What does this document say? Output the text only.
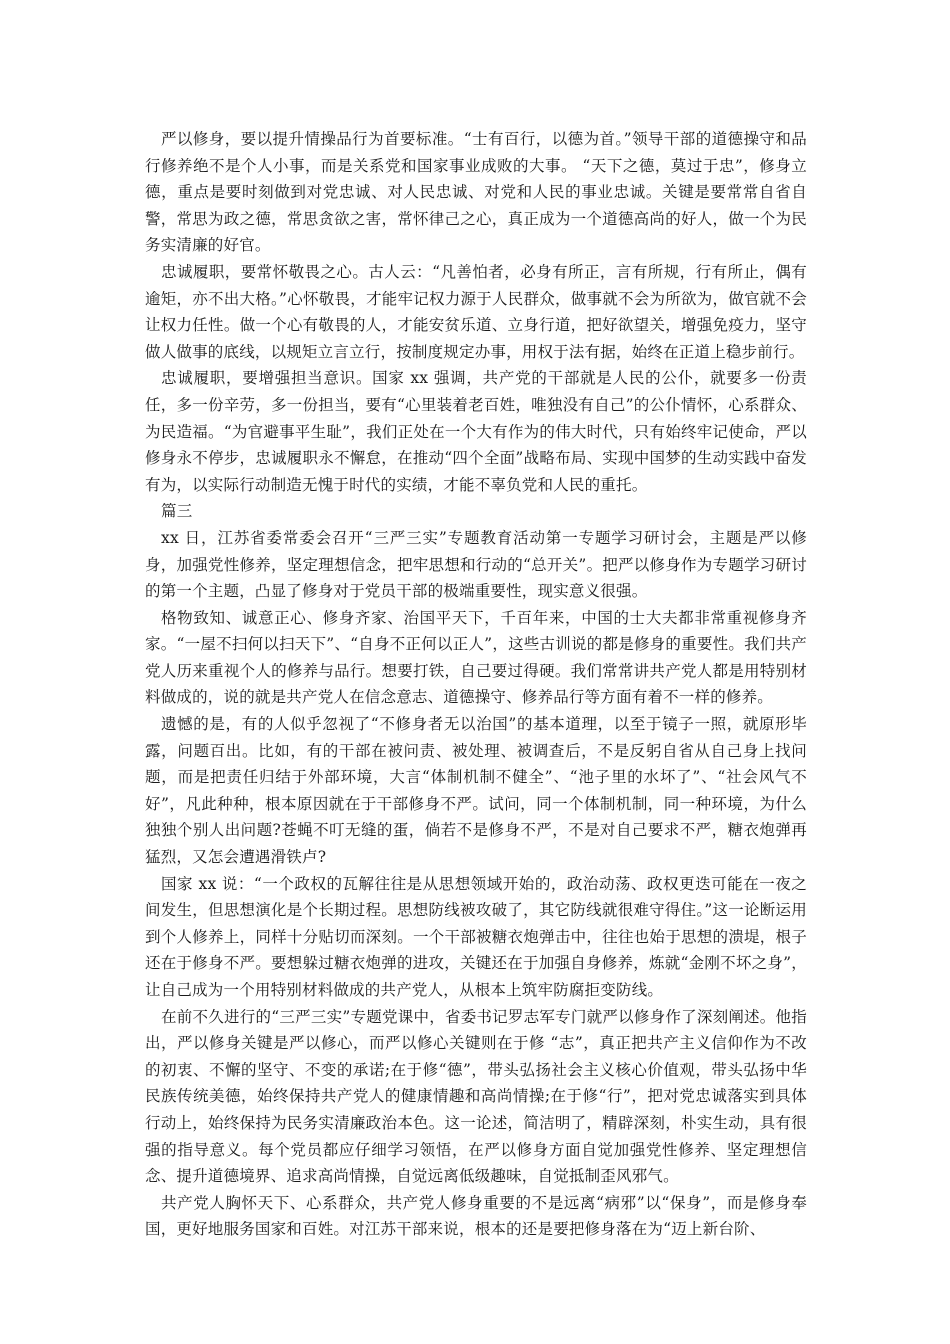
严以修身，要以提升情操品行为首要标准。“士有百行，以德为首。”领导干部的道德操守和品行修养绝不是个人小事，而是关系党和国家事业成败的大事。 “天下之德，莫过于忠”，修身立德，重点是要时刻做到对党忠诚、对人民忠诚、对党和人民的事业忠诚。关键是要常常自省自警，常思为政之德，常思贪欲之害，常怀律己之心，真正成为一个道德高尚的好人，做一个为民务实清廉的好官。

忠诚履职，要常怀敬畏之心。古人云：“凡善怕者，必身有所正，言有所规，行有所止，偶有逾矩，亦不出大格。”心怀敬畏，才能牢记权力源于人民群众，做事就不会为所欲为，做官就不会让权力任性。做一个心有敬畏的人，才能安贫乐道、立身行道，把好欲望关，增强免疫力，坚守做人做事的底线，以规矩立言立行，按制度规定办事，用权于法有据，始终在正道上稳步前行。

忠诚履职，要增强担当意识。国家 xx 强调，共产党的干部就是人民的公仆，就要多一份责任，多一份辛劳，多一份担当，要有“心里装着老百姓，唯独没有自己”的公仆情怀，心系群众、为民造福。“为官避事平生耻”，我们正处在一个大有作为的伟大时代，只有始终牢记使命，严以修身永不停步，忠诚履职永不懈怠，在推动“四个全面”战略布局、实现中国梦的生动实践中奋发有为，以实际行动制造无愧于时代的实绩，才能不辜负党和人民的重托。

篇三

xx 日，江苏省委常委会召开“三严三实”专题教育活动第一专题学习研讨会，主题是严以修身，加强党性修养，坚定理想信念，把牢思想和行动的“总开关”。把严以修身作为专题学习研讨的第一个主题，凸显了修身对于党员干部的极端重要性，现实意义很强。

格物致知、诚意正心、修身齐家、治国平天下，千百年来，中国的士大夫都非常重视修身齐家。“一屋不扫何以扫天下”、“自身不正何以正人”，这些古训说的都是修身的重要性。我们共产党人历来重视个人的修养与品行。想要打铁，自己要过得硬。我们常常讲共产党人都是用特别材料做成的，说的就是共产党人在信念意志、道德操守、修养品行等方面有着不一样的修养。

遗憾的是，有的人似乎忽视了“不修身者无以治国”的基本道理，以至于镜子一照，就原形毕露，问题百出。比如，有的干部在被问责、被处理、被调查后，不是反躬自省从自己身上找问题，而是把责任归结于外部环境，大言“体制机制不健全”、“池子里的水坏了”、“社会风气不好”，凡此种种，根本原因就在于干部修身不严。试问，同一个体制机制，同一种环境，为什么独独个别人出问题?苍蝇不叮无缝的蛋，倘若不是修身不严，不是对自己要求不严，糖衣炮弹再猛烈，又怎会遭遇滑铁卢?

国家 xx 说：“一个政权的瓦解往往是从思想领域开始的，政治动荡、政权更迭可能在一夜之间发生，但思想演化是个长期过程。思想防线被攻破了，其它防线就很难守得住。”这一论断运用到个人修养上，同样十分贴切而深刻。一个干部被糖衣炮弹击中，往往也始于思想的溃堤，根子还在于修身不严。要想躲过糖衣炮弹的进攻，关键还在于加强自身修养，炼就“金刚不坏之身”，让自己成为一个用特别材料做成的共产党人，从根本上筑牢防腐拒变防线。

在前不久进行的“三严三实”专题党课中，省委书记罗志军专门就严以修身作了深刻阐述。他指出，严以修身关键是严以修心，而严以修心关键则在于修 “志”，真正把共产主义信仰作为不改的初衷、不懈的坚守、不变的承诺;在于修“德”，带头弘扬社会主义核心价值观，带头弘扬中华民族传统美德，始终保持共产党人的健康情趣和高尚情操;在于修“行”，把对党忠诚落实到具体行动上，始终保持为民务实清廉政治本色。这一论述，简洁明了，精辟深刻，朴实生动，具有很强的指导意义。每个党员都应仔细学习领悟，在严以修身方面自觉加强党性修养、坚定理想信念、提升道德境界、追求高尚情操，自觉远离低级趣味，自觉抵制歪风邪气。

共产党人胸怀天下、心系群众，共产党人修身重要的不是远离“病邪”以“保身”，而是修身奉国，更好地服务国家和百姓。对江苏干部来说，根本的还是要把修身落在为“迈上新台阶、
